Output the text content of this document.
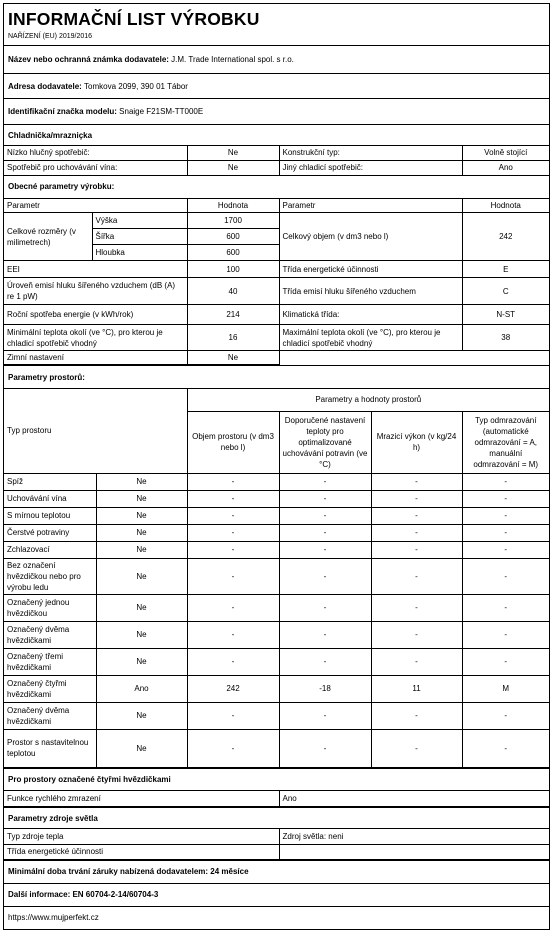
INFORMAČNÍ LIST VÝROBKU
NAŘÍZENÍ (EU) 2019/2016
Název nebo ochranná známka dodavatele:
J.M. Trade International spol. s r.o.
Adresa dodavatele:
Tomkova 2099, 390 01 Tábor
Identifikační značka modelu:
Snaige F21SM-TT000E
Chladnička/mrazniçka
Nízko hlučný spotřebič:	Ne	Konstrukční typ:	Volně stojící
Spotřebič pro uchovávání vína:	Ne	Jiný chladicí spotřebič:	Ano
Obecné parametry výrobku:
Parametr		Hodnota	Parametr	Hodnota
Celkové rozměry (v milimetrech)	Výška	1700	Celkový objem (v dm3 nebo l)	242
	Šířka	600		
	Hloubka	600		
EEI		100	Třída energetické účinnosti	E
Úroveň emisí hluku šířeného vzduchem (dB (A) re 1 pW)		40	Třída emisí hluku šířeného vzduchem	C
Roční spotřeba energie (v kWh/rok)		214	Klimatická třída:	N-ST
Minimální teplota okolí (ve °C), pro kterou je chladicí spotřebič vhodný		16	Maximální teplota okolí (ve °C), pro kterou je chladicí spotřebič vhodný	38
Zimní nastavení		Ne		
Parametry prostorů:
Typ prostoru		Parametry a hodnoty prostorů			
		Objem prostoru (v dm3 nebo l)	Doporučené nastavení teploty pro optimalizované uchovávání potravin (ve °C)	Mrazicí výkon (v kg/24 h)	Typ odmrazování (automatické odmrazování = A, manuální odmrazování = M)
Spíž	Ne	-	-	-	-
Uchovávání vína	Ne	-	-	-	-
S mírnou teplotou	Ne	-	-	-	-
Čerstvé potraviny	Ne	-	-	-	-
Zchlazovací	Ne	-	-	-	-
Bez označení hvězdičkou nebo pro výrobu ledu	Ne	-	-	-	-
Označený jednou hvězdičkou	Ne	-	-	-	-
Označený dvěma hvězdičkami	Ne	-	-	-	-
Označený třemi hvězdičkami	Ne	-	-	-	-
Označený čtyřmi hvězdičkami	Ano	242	-18	11	M
Označený dvěma hvězdičkami	Ne	-	-	-	-
Prostor s nastavitelnou teplotou	Ne	-	-	-	-
Pro prostory označené čtyřmi hvězdičkami
Funkce rychlého zmrazení	Ano
Parametry zdroje světla
Typ zdroje tepla	Zdroj světla: neni
Třída energetické účinnosti	
Minimální doba trvání záruky nabízená dodavatelem: 24 měsíce
Další informace: EN 60704-2-14/60704-3
https://www.mujperfekt.cz
